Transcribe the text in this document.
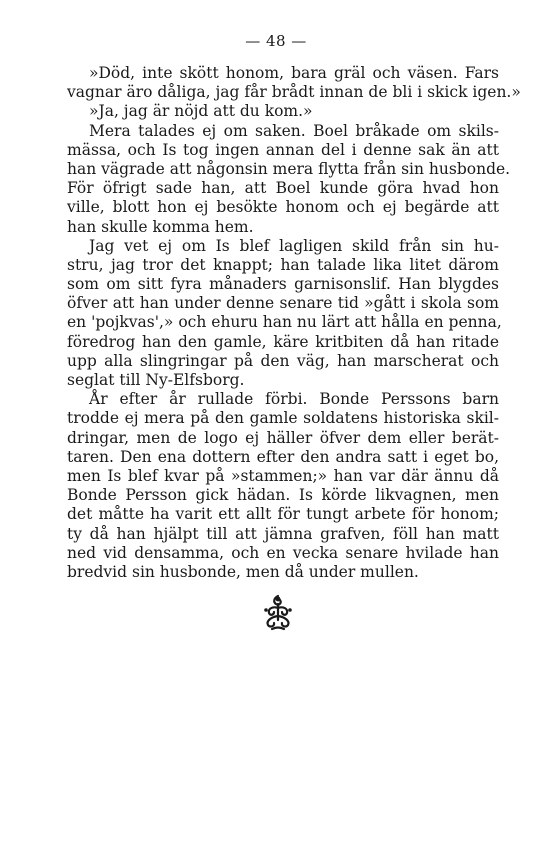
— 48 —
»Död, inte skött honom, bara gräl och väsen. Fars
vagnar äro dåliga, jag får brådt innan de bli i skick igen.»
»Ja, jag är nöjd att du kom.»
Mera talades ej om saken. Boel bråkade om skils-
mässa, och Is tog ingen annan del i denne sak än att
han vägrade att någonsin mera flytta från sin husbonde.
För öfrigt sade han, att Boel kunde göra hvad hon
ville, blott hon ej besökte honom och ej begärde att
han skulle komma hem.
Jag vet ej om Is blef lagligen skild från sin hu-
stru, jag tror det knappt; han talade lika litet därom
som om sitt fyra månaders garnisonslif. Han blygdes
öfver att han under denne senare tid »gått i skola som
en 'pojkvas',» och ehuru han nu lärt att hålla en penna,
föredrog han den gamle, käre kritbiten då han ritade
upp alla slingringar på den väg, han marscherat och
seglat till Ny-Elfsborg.
År efter år rullade förbi. Bonde Perssons barn
trodde ej mera på den gamle soldatens historiska skil-
dringar, men de logo ej häller öfver dem eller berät-
taren. Den ena dottern efter den andra satt i eget bo,
men Is blef kvar på »stammen;» han var där ännu då
Bonde Persson gick hädan. Is körde likvagnen, men
det måtte ha varit ett allt för tungt arbete för honom;
ty då han hjälpt till att jämna grafven, föll han matt
ned vid densamma, och en vecka senare hvilade han
bredvid sin husbonde, men då under mullen.
